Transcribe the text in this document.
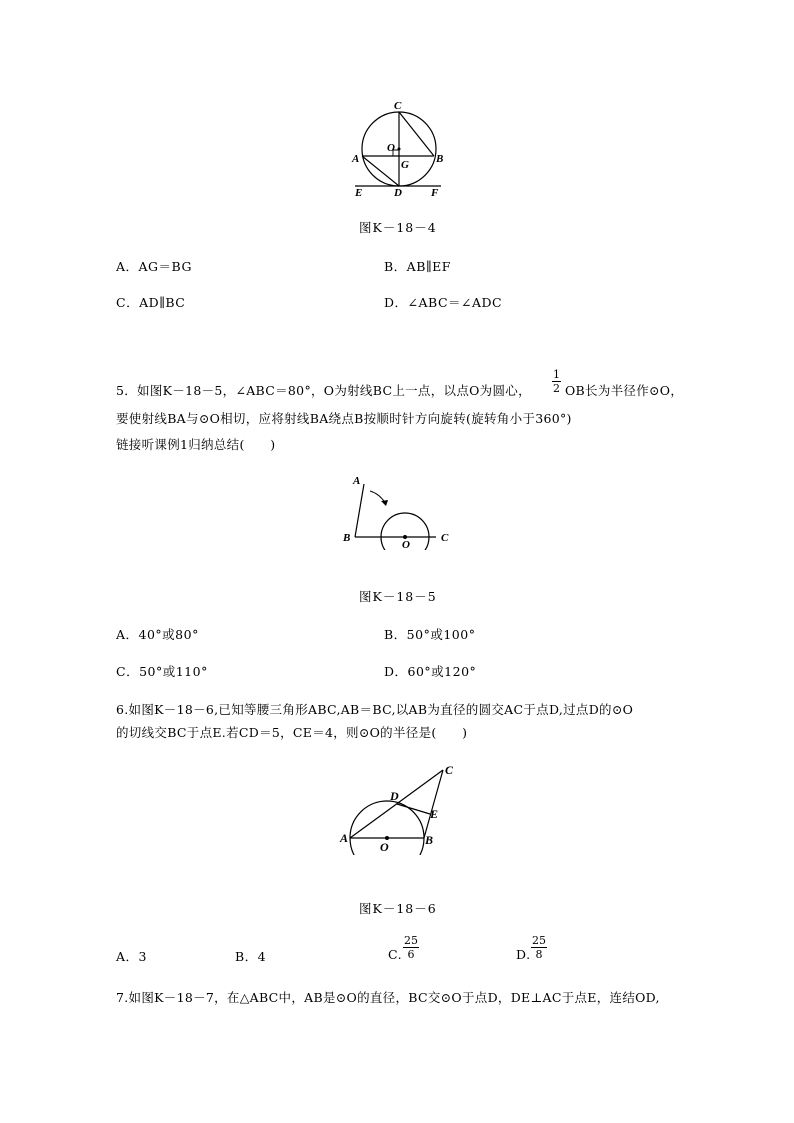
C
O
A	G B
E	D	F
图K－18－4
A．AG＝BG	B．AB∥EF
C．AD∥BC	D．∠ABC＝∠ADC
5．如图K－18－5，∠ABC＝80°，O为射线BC上一点，以点O为圆心， $\frac{1}{2}$ OB长为半径作⊙O，
要使射线BA与⊙O相切，应将射线BA绕点B按顺时针方向旋转(旋转角小于360°)
链接听课例1归纳总结(　　)
A
B
O
C
图K－18－5
A．40°或80°	B．50°或100°
C．50°或110°	D．60°或120°
6.如图K－18－6,已知等腰三角形ABC,AB＝BC,以AB为直径的圆交AC于点D,过点D的⊙O
的切线交BC于点E.若CD＝5，CE＝4，则⊙O的半径是(　　)
C
D
E
A	B
O
图K－18－6
A．3	B．4	C. $\frac{25}{6}$	D. $\frac{25}{8}$
7.如图K－18－7，在△ABC中，AB是⊙O的直径，BC交⊙O于点D，DE⊥AC于点E，连结OD,
